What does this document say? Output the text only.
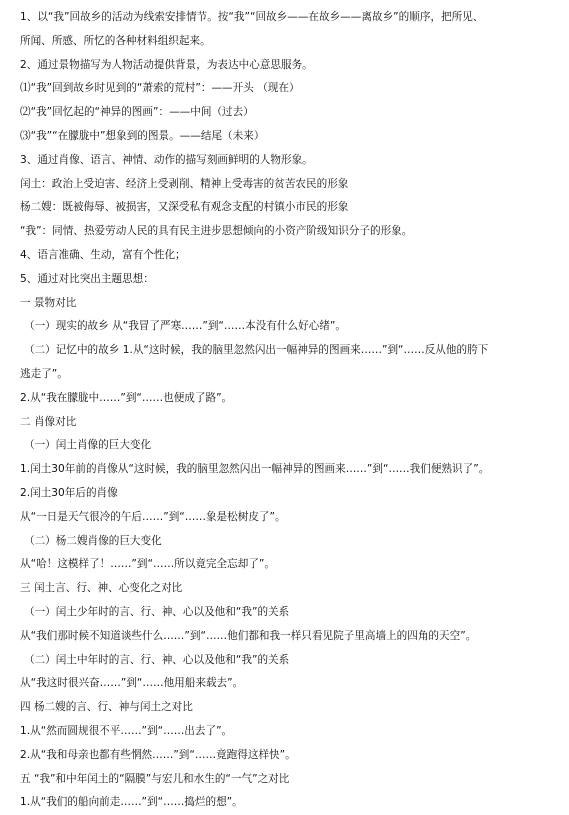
1、以“我”回故乡的活动为线索安排情节。按“我”“回故乡——在故乡——离故乡”的顺序，把所见、
所闻、所感、所忆的各种材料组织起来。
2、通过景物描写为人物活动提供背景，为表达中心意思服务。
⑴“我”回到故乡时见到的“萧索的荒村”：——开头 （现在）
⑵“我”回忆起的“神异的图画”：——中间（过去）
⑶“我”“在朦胧中”想象到的图景。——结尾（未来）
3、通过肖像、语言、神情、动作的描写刻画鲜明的人物形象。
闰土：政治上受迫害、经济上受剥削、精神上受毒害的贫苦农民的形象
杨二嫂：既被侮辱、被损害，又深受私有观念支配的村镇小市民的形象
“我”：同情、热爱劳动人民的具有民主进步思想倾向的小资产阶级知识分子的形象。
4、语言准确、生动，富有个性化；
5、通过对比突出主题思想：
一 景物对比
（一）现实的故乡 从“我冒了严寒……”到“……本没有什么好心绪”。
（二）记忆中的故乡 1.从“这时候，我的脑里忽然闪出一幅神异的图画来……”到“……反从他的胯下
逃走了”。
2.从“我在朦胧中……”到“……也便成了路”。
二 肖像对比
（一）闰土肖像的巨大变化
1.闰土30年前的肖像从“这时候，我的脑里忽然闪出一幅神异的图画来……”到“……我们便熟识了”。
2.闰土30年后的肖像
从“一日是天气很冷的午后……”到“……象是松树皮了”。
（二）杨二嫂肖像的巨大变化
从“哈！这模样了！……”到“……所以竟完全忘却了”。
三 闰土言、行、神、心变化之对比
（一）闰土少年时的言、行、神、心以及他和“我”的关系
从“我们那时候不知道谈些什么……”到“……他们都和我一样只看见院子里高墙上的四角的天空”。
（二）闰土中年时的言、行、神、心以及他和“我”的关系
从“我这时很兴奋……”到“……他用船来载去”。
四 杨二嫂的言、行、神与闰土之对比
1.从“然而圆规很不平……”到“……出去了”。
2.从“我和母亲也都有些惘然……”到“……竟跑得这样快”。
五 “我”和中年闰土的“隔膜”与宏儿和水生的“一气”之对比
1.从“我们的船向前走……”到“……捣烂的想”。
